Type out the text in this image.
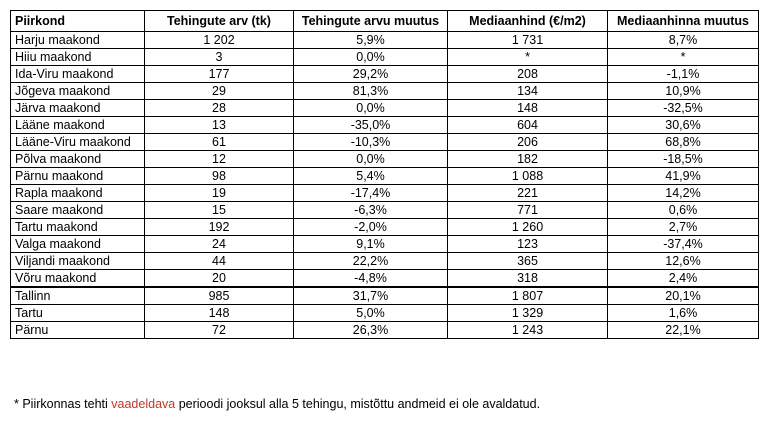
Piirkond	Tehingute arv (tk)	Tehingute arvu muutus	Mediaanhind (€/m2)	Mediaanhinna muutus
Harju maakond	1 202	5,9%	1 731	8,7%
Hiiu maakond	3	0,0%	*	*
Ida-Viru maakond	177	29,2%	208	-1,1%
Jõgeva maakond	29	81,3%	134	10,9%
Järva maakond	28	0,0%	148	-32,5%
Lääne maakond	13	-35,0%	604	30,6%
Lääne-Viru maakond	61	-10,3%	206	68,8%
Põlva maakond	12	0,0%	182	-18,5%
Pärnu maakond	98	5,4%	1 088	41,9%
Rapla maakond	19	-17,4%	221	14,2%
Saare maakond	15	-6,3%	771	0,6%
Tartu maakond	192	-2,0%	1 260	2,7%
Valga maakond	24	9,1%	123	-37,4%
Viljandi maakond	44	22,2%	365	12,6%
Võru maakond	20	-4,8%	318	2,4%
Tallinn	985	31,7%	1 807	20,1%
Tartu	148	5,0%	1 329	1,6%
Pärnu	72	26,3%	1 243	22,1%
* Piirkonnas tehti vaadeldava perioodi jooksul alla 5 tehingu, mistõttu andmeid ei ole avaldatud.
